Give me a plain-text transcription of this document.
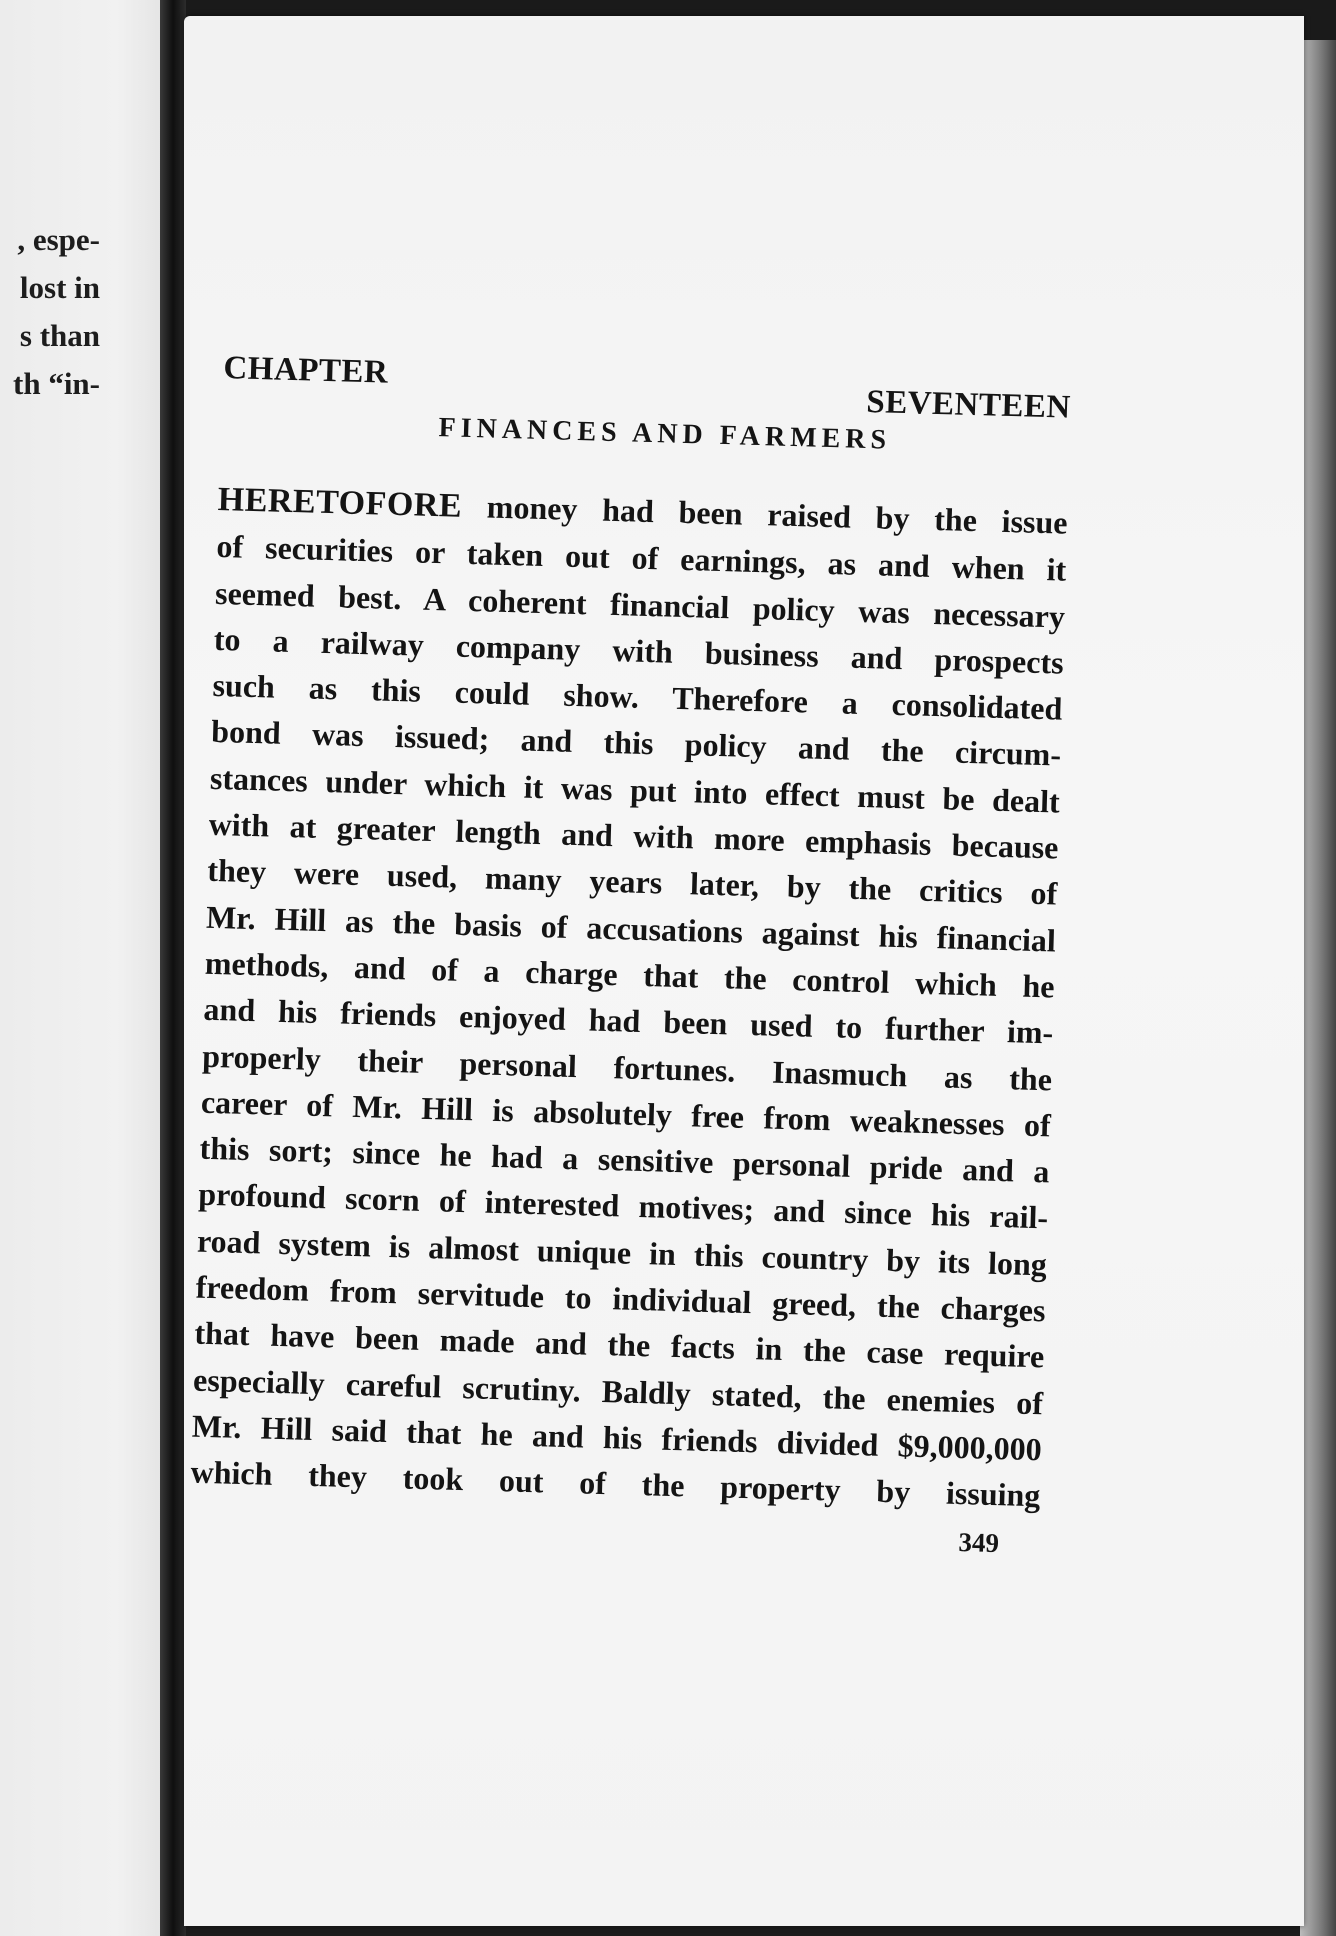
, espe-
lost in
s than
th “in-	CHAPTER
SEVENTEEN
FINANCES AND FARMERS
HERETOFORE money had been raised by the issue
of securities or taken out of earnings, as and when it
seemed best. A coherent financial policy was necessary
to a railway company with business and prospects
such as this could show. Therefore a consolidated
bond was issued; and this policy and the circum-
stances under which it was put into effect must be dealt
with at greater length and with more emphasis because
they were used, many years later, by the critics of
Mr. Hill as the basis of accusations against his financial
methods, and of a charge that the control which he
and his friends enjoyed had been used to further im-
properly their personal fortunes. Inasmuch as the
career of Mr. Hill is absolutely free from weaknesses of
this sort; since he had a sensitive personal pride and a
profound scorn of interested motives; and since his rail-
road system is almost unique in this country by its long
freedom from servitude to individual greed, the charges
that have been made and the facts in the case require
especially careful scrutiny. Baldly stated, the enemies of
Mr. Hill said that he and his friends divided $9,000,000
which they took out of the property by issuing
349
